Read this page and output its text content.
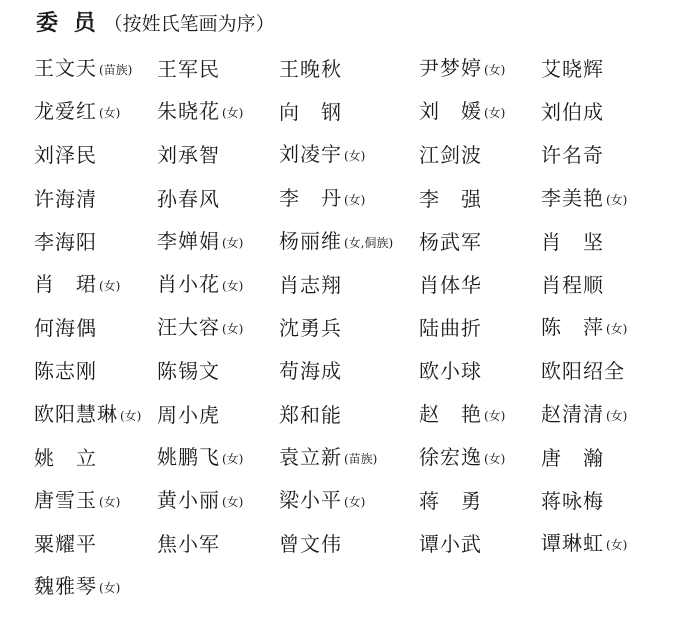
委 员 （按姓氏笔画为序）
王文天 (苗族)	王军民	王晚秋	尹梦婷 (女)	艾晓辉
龙爱红 (女)	朱晓花 (女)	向　钢	刘　媛 (女)	刘伯成
刘泽民	刘承智	刘凌宇 (女)	江剑波	许名奇
许海清	孙春风	李　丹 (女)	李　强	李美艳 (女)
李海阳	李婵娟 (女)	杨丽维 (女,侗族)	杨武军	肖　坚
肖　珺 (女)	肖小花 (女)	肖志翔	肖体华	肖程顺
何海偶	汪大容 (女)	沈勇兵	陆曲折	陈　萍 (女)
陈志刚	陈锡文	苟海成	欧小球	欧阳绍全
欧阳慧琳 (女) 周小虎	郑和能	赵　艳 (女)	赵清清 (女)
姚　立	姚鹏飞 (女)	袁立新 (苗族)	徐宏逸 (女)	唐　瀚
唐雪玉 (女)	黄小丽 (女)	梁小平 (女)	蒋　勇	蒋咏梅
粟耀平	焦小军	曾文伟	谭小武	谭琳虹 (女)
魏雅琴 (女)
